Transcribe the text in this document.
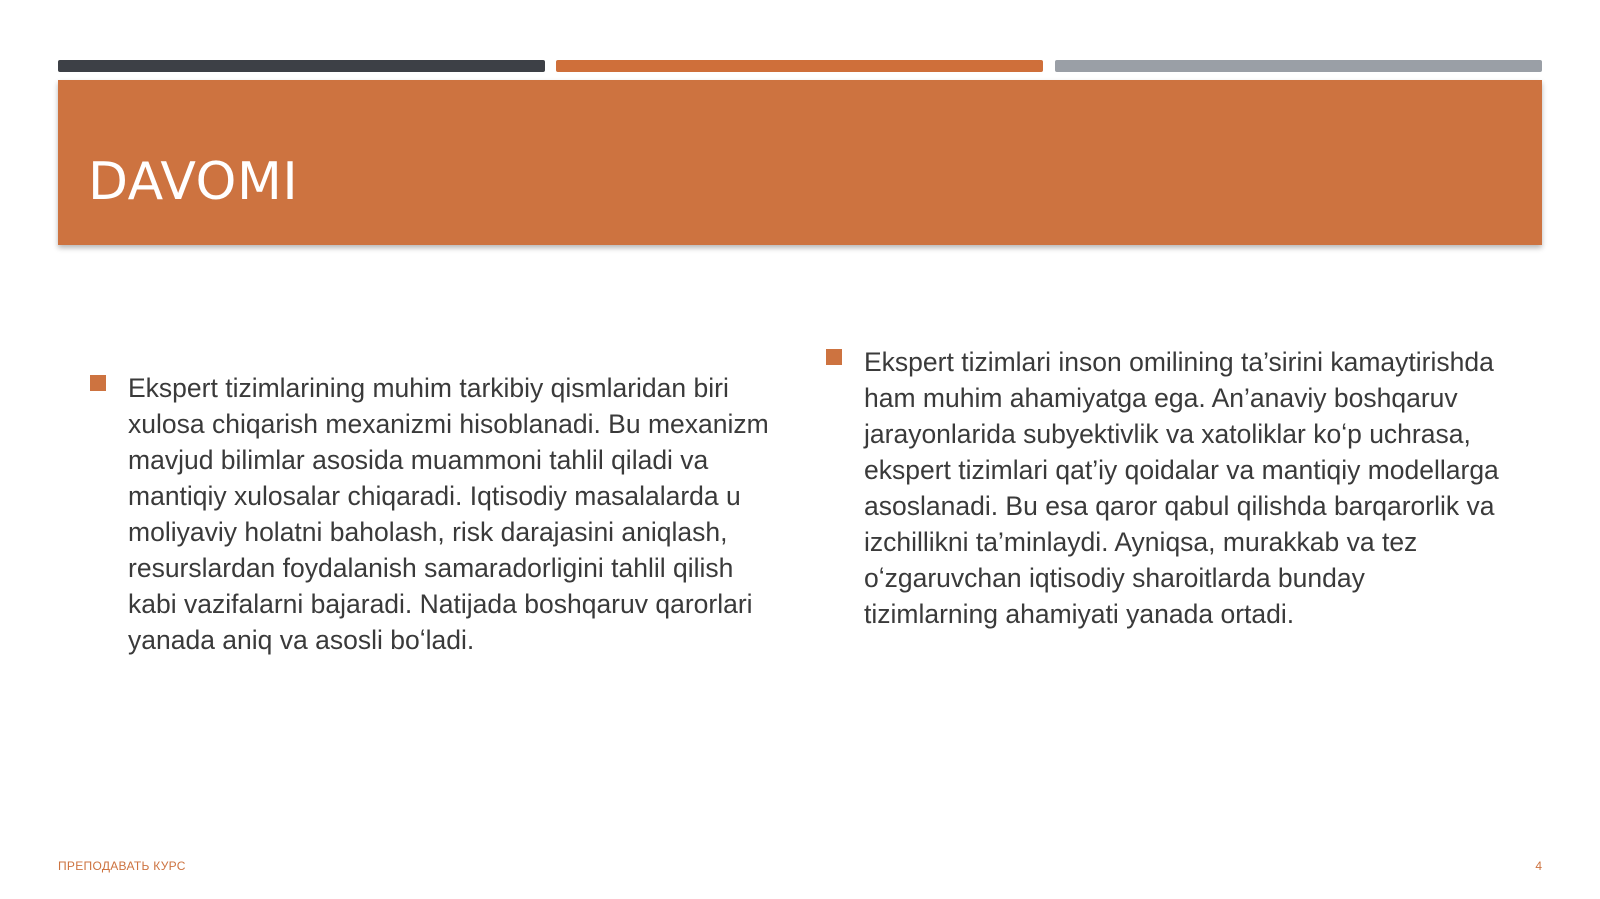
DAVOMI

Ekspert tizimlarining muhim tarkibiy qismlaridan biri xulosa chiqarish mexanizmi hisoblanadi. Bu mexanizm mavjud bilimlar asosida muammoni tahlil qiladi va mantiqiy xulosalar chiqaradi. Iqtisodiy masalalarda u moliyaviy holatni baholash, risk darajasini aniqlash, resurslardan foydalanish samaradorligini tahlil qilish kabi vazifalarni bajaradi. Natijada boshqaruv qarorlari yanada aniq va asosli boʻladi.

Ekspert tizimlari inson omilining ta’sirini kamaytirishda ham muhim ahamiyatga ega. An’anaviy boshqaruv jarayonlarida subyektivlik va xatoliklar koʻp uchrasa, ekspert tizimlari qat’iy qoidalar va mantiqiy modellarga asoslanadi. Bu esa qaror qabul qilishda barqarorlik va izchillikni ta’minlaydi. Ayniqsa, murakkab va tez oʻzgaruvchan iqtisodiy sharoitlarda bunday tizimlarning ahamiyati yanada ortadi.

ПРЕПОДАВАТЬ КУРС	4
